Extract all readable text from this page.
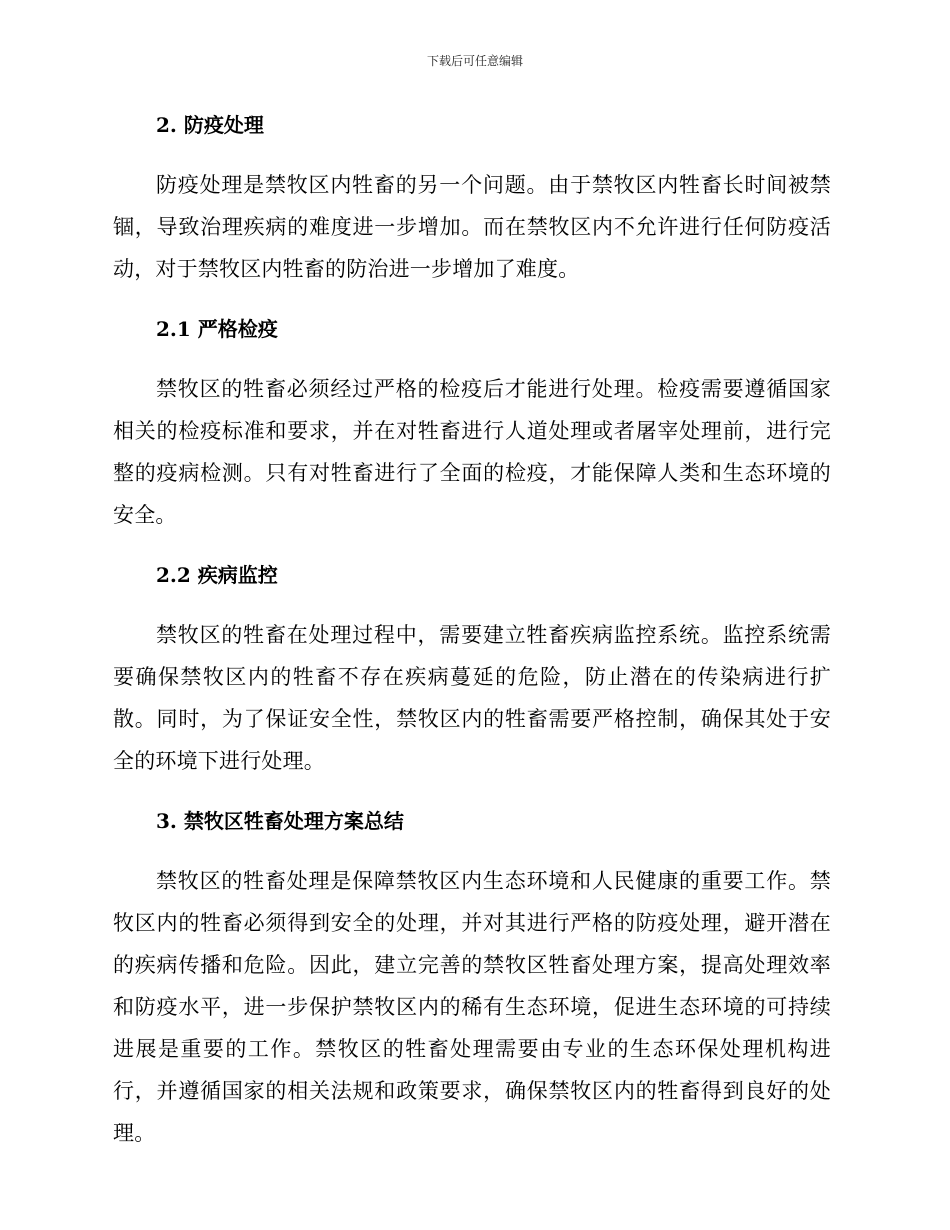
下载后可任意编辑
2. 防疫处理

防疫处理是禁牧区内牲畜的另一个问题。由于禁牧区内牲畜长时间被禁锢，导致治理疾病的难度进一步增加。而在禁牧区内不允许进行任何防疫活动，对于禁牧区内牲畜的防治进一步增加了难度。

2.1 严格检疫

禁牧区的牲畜必须经过严格的检疫后才能进行处理。检疫需要遵循国家相关的检疫标准和要求，并在对牲畜进行人道处理或者屠宰处理前，进行完整的疫病检测。只有对牲畜进行了全面的检疫，才能保障人类和生态环境的安全。

2.2 疾病监控

禁牧区的牲畜在处理过程中，需要建立牲畜疾病监控系统。监控系统需要确保禁牧区内的牲畜不存在疾病蔓延的危险，防止潜在的传染病进行扩散。同时，为了保证安全性，禁牧区内的牲畜需要严格控制，确保其处于安全的环境下进行处理。

3. 禁牧区牲畜处理方案总结

禁牧区的牲畜处理是保障禁牧区内生态环境和人民健康的重要工作。禁牧区内的牲畜必须得到安全的处理，并对其进行严格的防疫处理，避开潜在的疾病传播和危险。因此，建立完善的禁牧区牲畜处理方案，提高处理效率和防疫水平，进一步保护禁牧区内的稀有生态环境，促进生态环境的可持续进展是重要的工作。禁牧区的牲畜处理需要由专业的生态环保处理机构进行，并遵循国家的相关法规和政策要求，确保禁牧区内的牲畜得到良好的处理。
